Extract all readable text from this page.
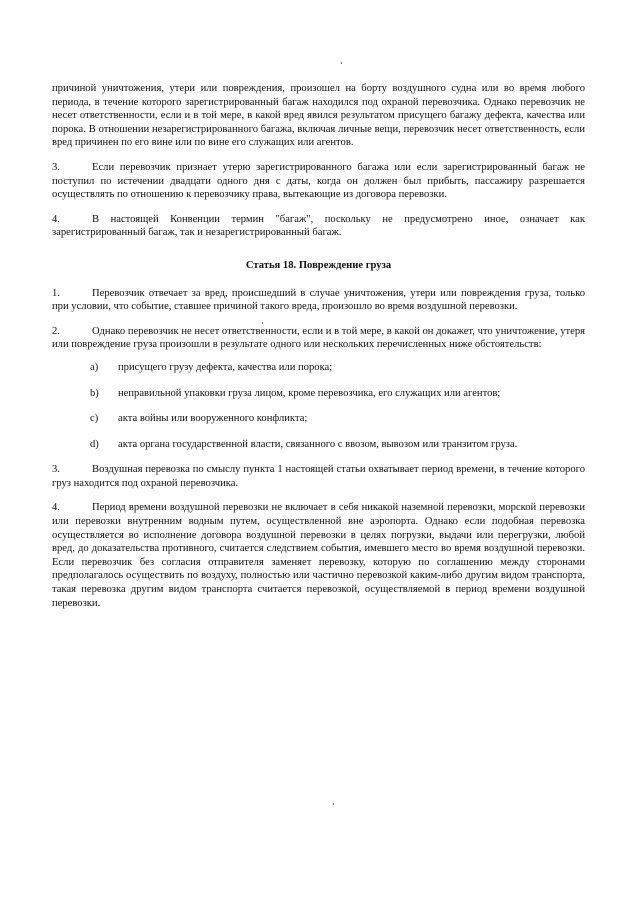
причиной уничтожения, утери или повреждения, произошел на борту воздушного судна или во время любого периода, в течение которого зарегистрированный багаж находился под охраной перевозчика. Однако перевозчик не несет ответственности, если и в той мере, в какой вред явился результатом присущего багажу дефекта, качества или порока. В отношении незарегистрированного багажа, включая личные вещи, перевозчик несет ответственность, если вред причинен по его вине или по вине его служащих или агентов.

3.	Если перевозчик признает утерю зарегистрированного багажа или если зарегистрированный багаж не поступил по истечении двадцати одного дня с даты, когда он должен был прибыть, пассажиру разрешается осуществлять по отношению к перевозчику права, вытекающие из договора перевозки.

4.	В настоящей Конвенции термин "багаж", поскольку не предусмотрено иное, означает как зарегистрированный багаж, так и незарегистрированный багаж.

Статья 18. Повреждение груза

1.	Перевозчик отвечает за вред, происшедший в случае уничтожения, утери или повреждения груза, только при условии, что событие, ставшее причиной такого вреда, произошло во время воздушной перевозки.

2.	Однако перевозчик не несет ответственности, если и в той мере, в какой он докажет, что уничтожение, утеря или повреждение груза произошли в результате одного или нескольких перечисленных ниже обстоятельств:

a)	присущего грузу дефекта, качества или порока;
b)	неправильной упаковки груза лицом, кроме перевозчика, его служащих или агентов;
c)	акта войны или вооруженного конфликта;
d)	акта органа государственной власти, связанного с ввозом, вывозом или транзитом груза.

3.	Воздушная перевозка по смыслу пункта 1 настоящей статьи охватывает период времени, в течение которого груз находится под охраной перевозчика.

4.	Период времени воздушной перевозки не включает в себя никакой наземной перевозки, морской перевозки или перевозки внутренним водным путем, осуществленной вне аэропорта. Однако если подобная перевозка осуществляется во исполнение договора воздушной перевозки в целях погрузки, выдачи или перегрузки, любой вред, до доказательства противного, считается следствием события, имевшего место во время воздушной перевозки. Если перевозчик без согласия отправителя заменяет перевозку, которую по соглашению между сторонами предполагалось осуществить по воздуху, полностью или частично перевозкой каким-либо другим видом транспорта, такая перевозка другим видом транспорта считается перевозкой, осуществляемой в период времени воздушной перевозки.
